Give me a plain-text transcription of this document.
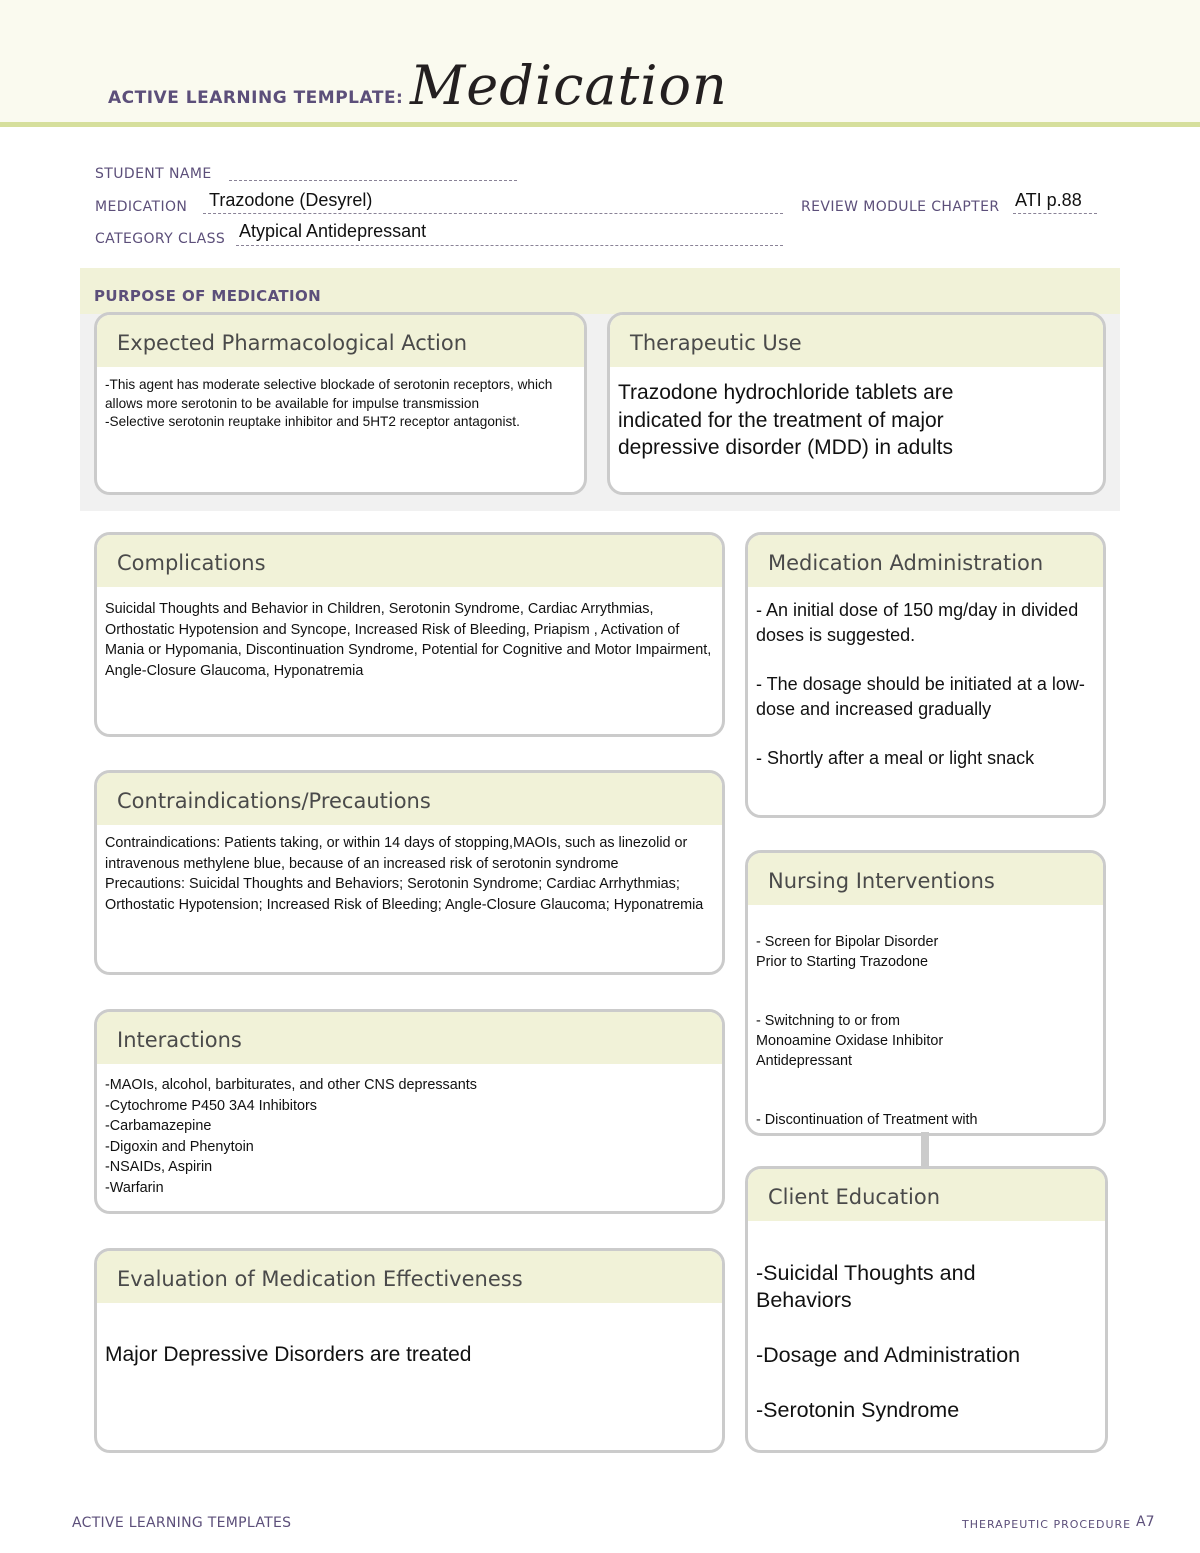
ACTIVE LEARNING TEMPLATE: Medication
STUDENT NAME
MEDICATION Trazodone (Desyrel)	REVIEW MODULE CHAPTER ATI p.88
CATEGORY CLASS Atypical Antidepressant
PURPOSE OF MEDICATION
Expected Pharmacological Action
-This agent has moderate selective blockade of serotonin receptors, which allows more serotonin to be available for impulse transmission
-Selective serotonin reuptake inhibitor and 5HT2 receptor antagonist.
Therapeutic Use
Trazodone hydrochloride tablets are indicated for the treatment of major depressive disorder (MDD) in adults
Complications
Suicidal Thoughts and Behavior in Children, Serotonin Syndrome, Cardiac Arrythmias, Orthostatic Hypotension and Syncope, Increased Risk of Bleeding, Priapism , Activation of Mania or Hypomania, Discontinuation Syndrome, Potential for Cognitive and Motor Impairment, Angle-Closure Glaucoma, Hyponatremia
Contraindications/Precautions
Contraindications: Patients taking, or within 14 days of stopping,MAOIs, such as linezolid or intravenous methylene blue, because of an increased risk of serotonin syndrome
Precautions: Suicidal Thoughts and Behaviors; Serotonin Syndrome; Cardiac Arrhythmias; Orthostatic Hypotension; Increased Risk of Bleeding; Angle-Closure Glaucoma; Hyponatremia
Interactions
-MAOIs, alcohol, barbiturates, and other CNS depressants
-Cytochrome P450 3A4 Inhibitors
-Carbamazepine
-Digoxin and Phenytoin
-NSAIDs, Aspirin
-Warfarin
Evaluation of Medication Effectiveness
Major Depressive Disorders are treated
Medication Administration
- An initial dose of 150 mg/day in divided doses is suggested.
- The dosage should be initiated at a low-dose and increased gradually
- Shortly after a meal or light snack
Nursing Interventions

- Screen for Bipolar Disorder
Prior to Starting Trazodone

- Switchning to or from
Monoamine Oxidase Inhibitor
Antidepressant

- Discontinuation of Treatment with

Client Education

-Suicidal Thoughts and
Behaviors

-Dosage and Administration

-Serotonin Syndrome

ACTIVE LEARNING TEMPLATES	THERAPEUTIC PROCEDURE A7
